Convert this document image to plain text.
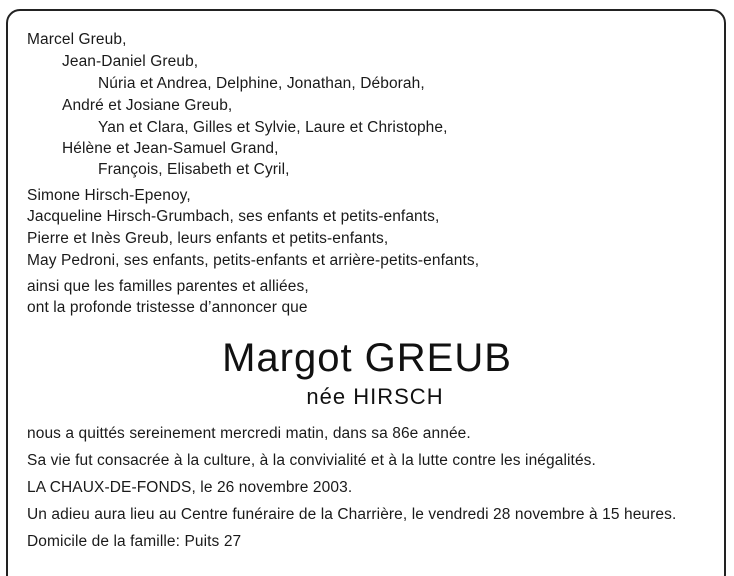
Marcel Greub,
Jean-Daniel Greub,
Núria et Andrea, Delphine, Jonathan, Déborah,
André et Josiane Greub,
Yan et Clara, Gilles et Sylvie, Laure et Christophe,
Hélène et Jean-Samuel Grand,
François, Elisabeth et Cyril,
Simone Hirsch-Epenoy,
Jacqueline Hirsch-Grumbach, ses enfants et petits-enfants,
Pierre et Inès Greub, leurs enfants et petits-enfants,
May Pedroni, ses enfants, petits-enfants et arrière-petits-enfants,
ainsi que les familles parentes et alliées,
ont la profonde tristesse d’annoncer que
Margot GREUB
née HIRSCH
nous a quittés sereinement mercredi matin, dans sa 86e année.
Sa vie fut consacrée à la culture, à la convivialité et à la lutte contre les inégalités.
LA CHAUX-DE-FONDS, le 26 novembre 2003.
Un adieu aura lieu au Centre funéraire de la Charrière, le vendredi 28 novembre à 15 heures.
Domicile de la famille: Puits 27
